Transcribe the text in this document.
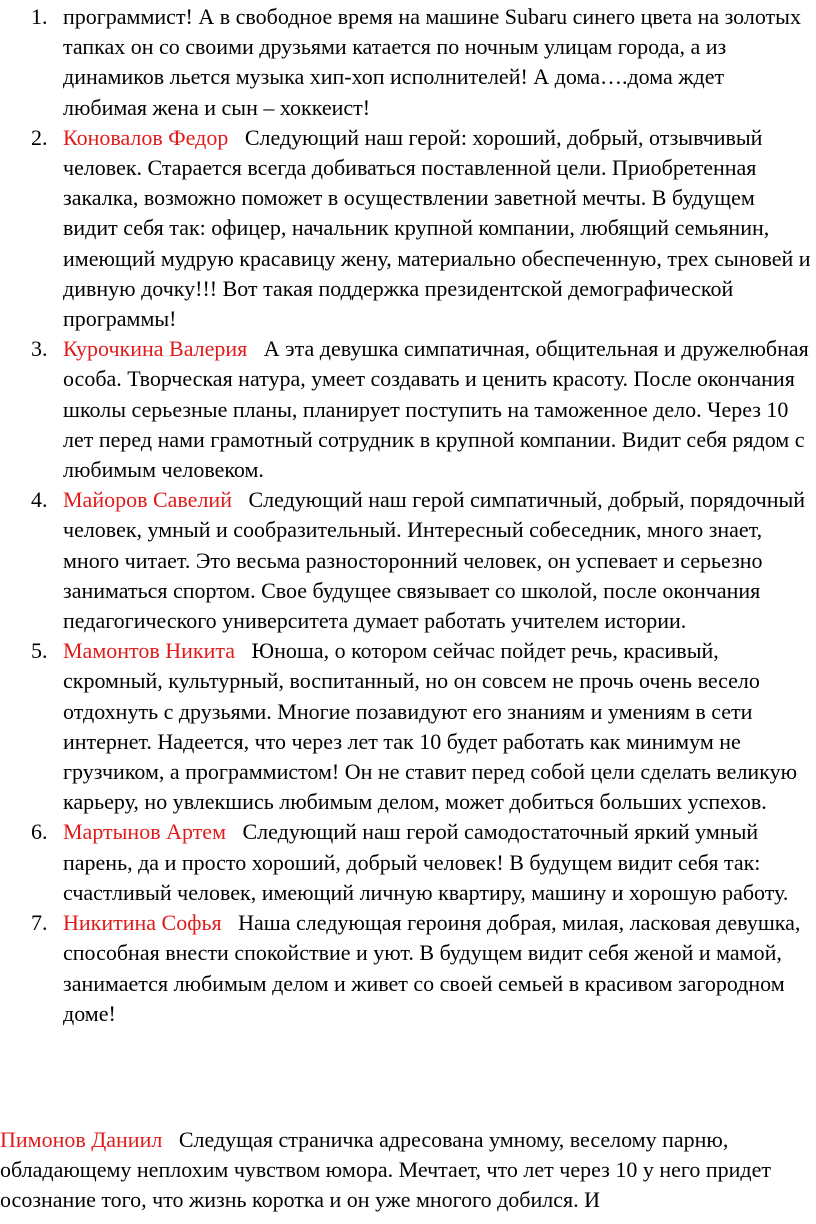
1. программист! А в свободное время на машине Subaru синего цвета на золотых тапках он со своими друзьями катается по ночным улицам города, а из динамиков льется музыка хип-хоп исполнителей! А дома….дома ждет любимая жена и сын – хоккеист!
2. Коновалов Федор Следующий наш герой: хороший, добрый, отзывчивый человек. Старается всегда добиваться поставленной цели. Приобретенная закалка, возможно поможет в осуществлении заветной мечты. В будущем видит себя так: офицер, начальник крупной компании, любящий семьянин, имеющий мудрую красавицу жену, материально обеспеченную, трех сыновей и дивную дочку!!! Вот такая поддержка президентской демографической программы!
3. Курочкина Валерия А эта девушка симпатичная, общительная и дружелюбная особа. Творческая натура, умеет создавать и ценить красоту. После окончания школы серьезные планы, планирует поступить на таможенное дело. Через 10 лет перед нами грамотный сотрудник в крупной компании. Видит себя рядом с любимым человеком.
4. Майоров Савелий Следующий наш герой симпатичный, добрый, порядочный человек, умный и сообразительный. Интересный собеседник, много знает, много читает. Это весьма разносторонний человек, он успевает и серьезно заниматься спортом. Свое будущее связывает со школой, после окончания педагогического университета думает работать учителем истории.
5. Мамонтов Никита Юноша, о котором сейчас пойдет речь, красивый, скромный, культурный, воспитанный, но он совсем не прочь очень весело отдохнуть с друзьями. Многие позавидуют его знаниям и умениям в сети интернет. Надеется, что через лет так 10 будет работать как минимум не грузчиком, а программистом! Он не ставит перед собой цели сделать великую карьеру, но увлекшись любимым делом, может добиться больших успехов.
6. Мартынов Артем Следующий наш герой самодостаточный яркий умный парень, да и просто хороший, добрый человек! В будущем видит себя так: счастливый человек, имеющий личную квартиру, машину и хорошую работу.
7. Никитина Софья Наша следующая героиня добрая, милая, ласковая девушка, способная внести спокойствие и уют. В будущем видит себя женой и мамой, занимается любимым делом и живет со своей семьей в красивом загородном доме!

Пимонов Даниил Следущая страничка адресована умному, веселому парню, обладающему неплохим чувством юмора. Мечтает, что лет через 10 у него придет осознание того, что жизнь коротка и он уже многого добился. И
